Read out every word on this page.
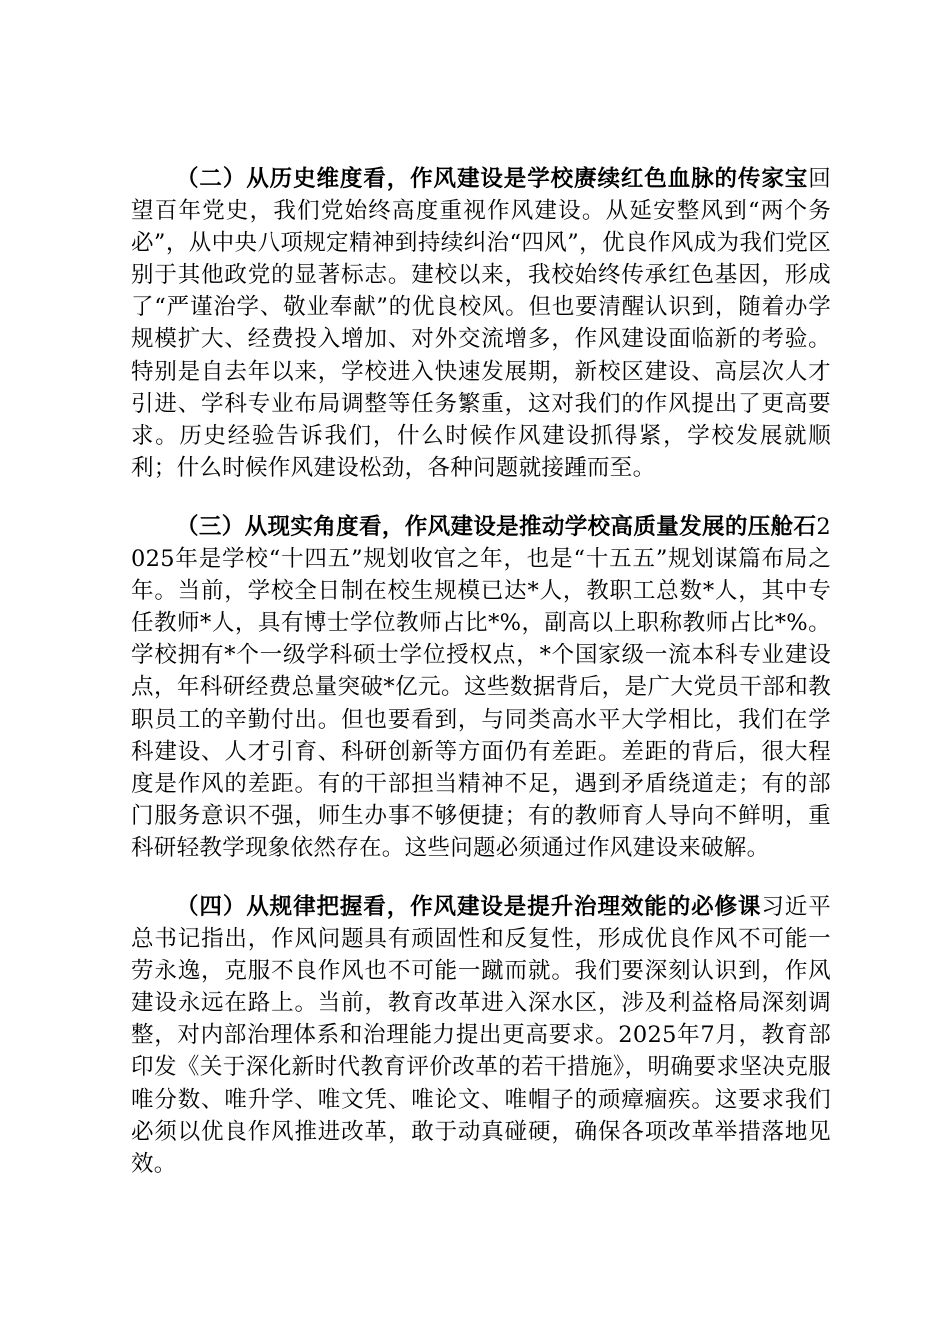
（二）从历史维度看，作风建设是学校赓续红色血脉的传家宝回望百年党史，我们党始终高度重视作风建设。从延安整风到“两个务必”，从中央八项规定精神到持续纠治“四风”，优良作风成为我们党区别于其他政党的显著标志。建校以来，我校始终传承红色基因，形成了“严谨治学、敬业奉献”的优良校风。但也要清醒认识到，随着办学规模扩大、经费投入增加、对外交流增多，作风建设面临新的考验。特别是自去年以来，学校进入快速发展期，新校区建设、高层次人才引进、学科专业布局调整等任务繁重，这对我们的作风提出了更高要求。历史经验告诉我们，什么时候作风建设抓得紧，学校发展就顺利；什么时候作风建设松劲，各种问题就接踵而至。

（三）从现实角度看，作风建设是推动学校高质量发展的压舱石2025年是学校“十四五”规划收官之年，也是“十五五”规划谋篇布局之年。当前，学校全日制在校生规模已达*人，教职工总数*人，其中专任教师*人，具有博士学位教师占比*%，副高以上职称教师占比*%。学校拥有*个一级学科硕士学位授权点，*个国家级一流本科专业建设点，年科研经费总量突破*亿元。这些数据背后，是广大党员干部和教职员工的辛勤付出。但也要看到，与同类高水平大学相比，我们在学科建设、人才引育、科研创新等方面仍有差距。差距的背后，很大程度是作风的差距。有的干部担当精神不足，遇到矛盾绕道走；有的部门服务意识不强，师生办事不够便捷；有的教师育人导向不鲜明，重科研轻教学现象依然存在。这些问题必须通过作风建设来破解。

（四）从规律把握看，作风建设是提升治理效能的必修课习近平总书记指出，作风问题具有顽固性和反复性，形成优良作风不可能一劳永逸，克服不良作风也不可能一蹴而就。我们要深刻认识到，作风建设永远在路上。当前，教育改革进入深水区，涉及利益格局深刻调整，对内部治理体系和治理能力提出更高要求。2025年7月，教育部印发《关于深化新时代教育评价改革的若干措施》，明确要求坚决克服唯分数、唯升学、唯文凭、唯论文、唯帽子的顽瘴痼疾。这要求我们必须以优良作风推进改革，敢于动真碰硬，确保各项改革举措落地见效。
